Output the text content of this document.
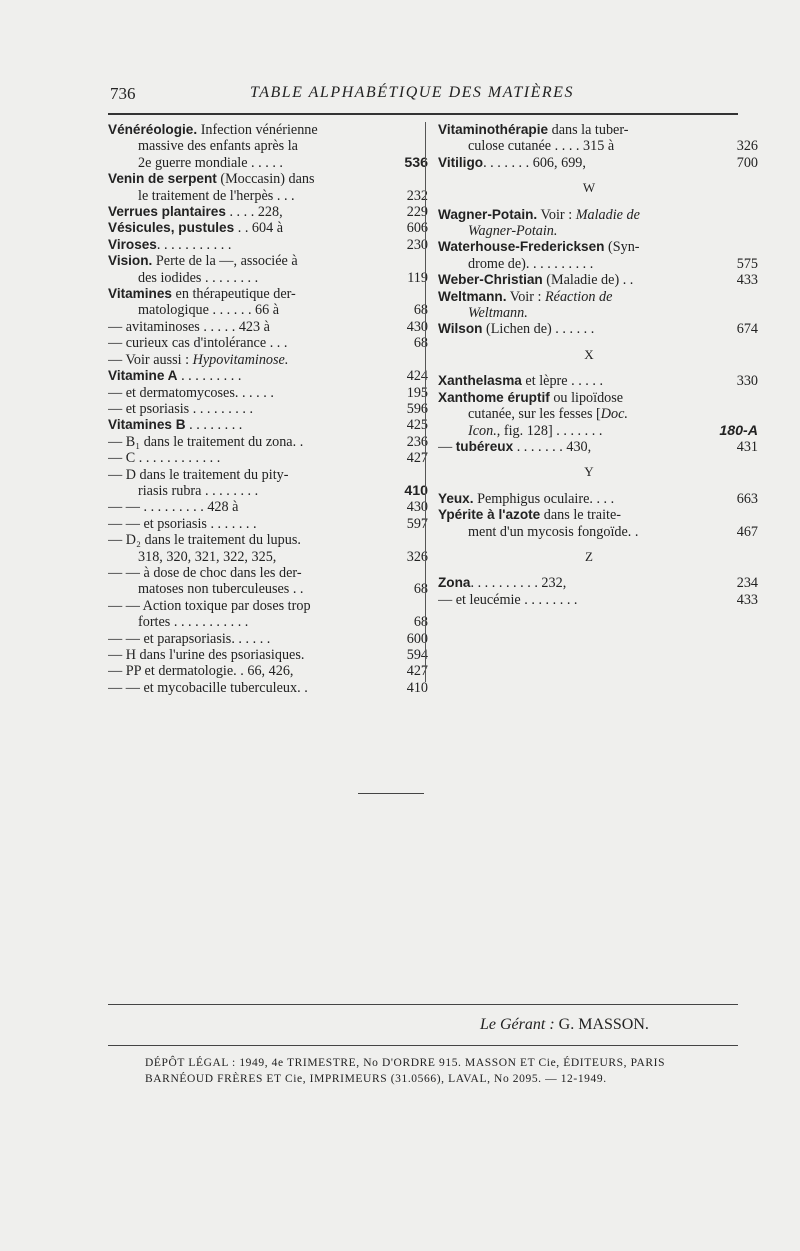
736	TABLE ALPHABÉTIQUE DES MATIÈRES
Vénéréologie. Infection vénérienne
massive des enfants après la
2e guerre mondiale . . . . .	536
Venin de serpent (Moccasin) dans
le traitement de l'herpès . . .	232
Verrues plantaires . . . . 228,	229
Vésicules, pustules . . 604 à	606
Viroses. . . . . . . . . . .	230
Vision. Perte de la —, associée à
des iodides . . . . . . . .	119
Vitamines en thérapeutique der-
matologique . . . . . . 66 à	68
— avitaminoses . . . . . 423 à	430
— curieux cas d'intolérance . . .	68
— Voir aussi : Hypovitaminose.
Vitamine A . . . . . . . . .	424
— et dermatomycoses. . . . . .	195
— et psoriasis . . . . . . . . .	596
Vitamines B . . . . . . . .	425
— B₁ dans le traitement du zona. .	236
— C . . . . . . . . . . . .	427
— D dans le traitement du pity-
riasis rubra . . . . . . . .	410
— — . . . . . . . . . 428 à	430
— — et psoriasis . . . . . . .	597
— D₂ dans le traitement du lupus.
318, 320, 321, 322, 325,	326
— — à dose de choc dans les der-
matoses non tuberculeuses . .	68
— — Action toxique par doses trop
fortes . . . . . . . . . . .	68
— — et parapsoriasis. . . . . .	600
— H dans l'urine des psoriasiques.	594
— PP et dermatologie. . 66, 426,	427
— — et mycobacille tuberculeux. .	410
Vitaminothérapie dans la tuber-
culose cutanée . . . . 315 à	326
Vitiligo. . . . . . . 606, 699,	700
W
Wagner-Potain. Voir : Maladie de
Wagner-Potain.
Waterhouse-Fredericksen (Syn-
drome de). . . . . . . . . .	575
Weber-Christian (Maladie de) . .	433
Weltmann. Voir : Réaction de
Weltmann.
Wilson (Lichen de) . . . . . .	674
X
Xanthelasma et lèpre . . . . .	330
Xanthome éruptif ou lipoïdose
cutanée, sur les fesses [Doc.
Icon., fig. 128] . . . . . . .	180-A
— tubéreux . . . . . . . 430,	431
Y
Yeux. Pemphigus oculaire. . . .	663
Ypérite à l'azote dans le traite-
ment d'un mycosis fongoïde. .	467
Z
Zona. . . . . . . . . . 232,	234
— et leucémie . . . . . . . .	433
Le Gérant : G. MASSON.
DÉPÔT LÉGAL : 1949, 4e TRIMESTRE, No D'ORDRE 915. MASSON ET Cie, ÉDITEURS, PARIS
BARNÉOUD FRÈRES ET Cie, IMPRIMEURS (31.0566), LAVAL, No 2095. — 12-1949.
